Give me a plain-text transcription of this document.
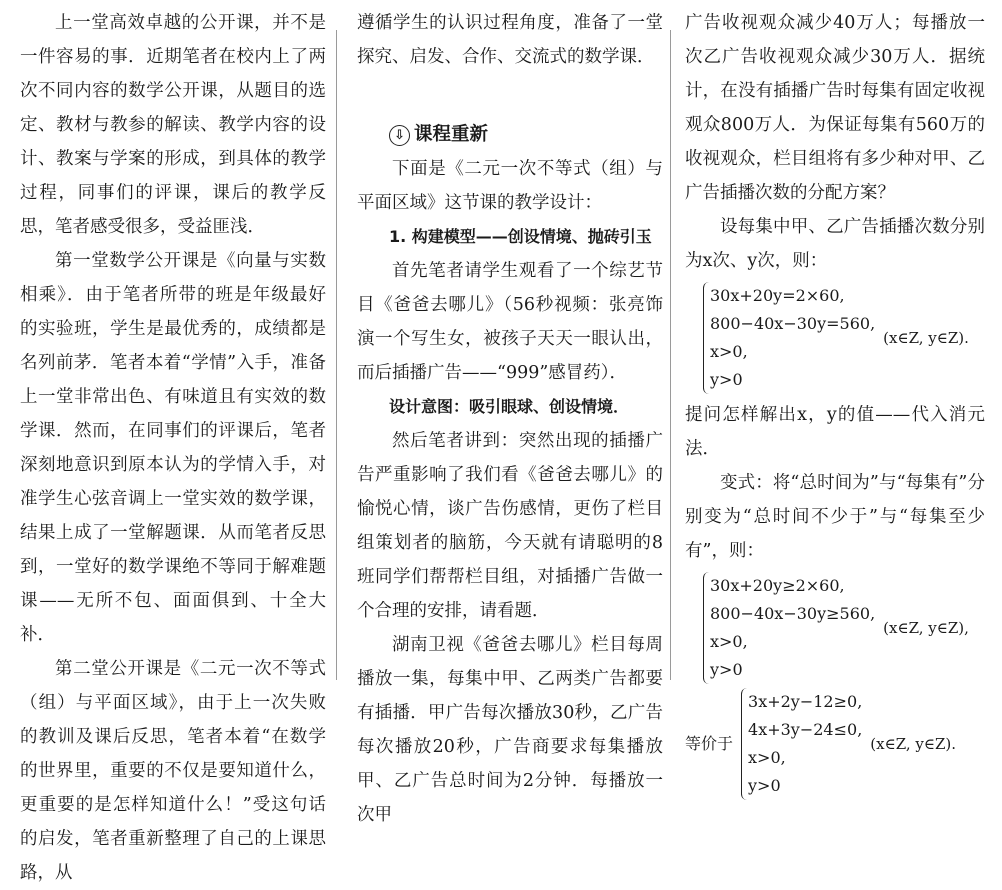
上一堂高效卓越的公开课，并不是一件容易的事．近期笔者在校内上了两次不同内容的数学公开课，从题目的选定、教材与教参的解读、教学内容的设计、教案与学案的形成，到具体的教学过程，同事们的评课，课后的教学反思，笔者感受很多，受益匪浅．

第一堂数学公开课是《向量与实数相乘》．由于笔者所带的班是年级最好的实验班，学生是最优秀的，成绩都是名列前茅．笔者本着“学情”入手，准备上一堂非常出色、有味道且有实效的数学课．然而，在同事们的评课后，笔者深刻地意识到原本认为的学情入手，对准学生心弦音调上一堂实效的数学课，结果上成了一堂解题课．从而笔者反思到，一堂好的数学课绝不等同于解难题课——无所不包、面面俱到、十全大补．

第二堂公开课是《二元一次不等式（组）与平面区域》，由于上一次失败的教训及课后反思，笔者本着“在数学的世界里，重要的不仅是要知道什么，更重要的是怎样知道什么！”受这句话的启发，笔者重新整理了自己的上课思路，从

遵循学生的认识过程角度，准备了一堂探究、启发、合作、交流式的数学课．

⇩ 课程重新

下面是《二元一次不等式（组）与平面区域》这节课的教学设计：

1. 构建模型——创设情境、抛砖引玉

首先笔者请学生观看了一个综艺节目《爸爸去哪儿》（56秒视频：张亮饰演一个写生女，被孩子天天一眼认出，而后插播广告——“999”感冒药）．

设计意图：吸引眼球、创设情境．

然后笔者讲到：突然出现的插播广告严重影响了我们看《爸爸去哪儿》的愉悦心情，谈广告伤感情，更伤了栏目组策划者的脑筋，今天就有请聪明的8班同学们帮帮栏目组，对插播广告做一个合理的安排，请看题．

湖南卫视《爸爸去哪儿》栏目每周播放一集，每集中甲、乙两类广告都要有插播．甲广告每次播放30秒，乙广告每次播放20秒，广告商要求每集播放甲、乙广告总时间为2分钟．每播放一次甲

广告收视观众减少40万人；每播放一次乙广告收视观众减少30万人．据统计，在没有插播广告时每集有固定收视观众800万人．为保证每集有560万的收视观众，栏目组将有多少种对甲、乙广告插播次数的分配方案？

设每集中甲、乙广告插播次数分别为x次、y次，则：

30x+20y=2×60,
800−40x−30y=560,
x>0,
y>0
(x∈Z, y∈Z).

提问怎样解出x，y的值——代入消元法．

变式：将“总时间为”与“每集有”分别变为“总时间不少于”与“每集至少有”，则：

30x+20y≥2×60,
800−40x−30y≥560,
x>0,
y>0
(x∈Z, y∈Z),
等价于
3x+2y−12≥0,
4x+3y−24≤0,
x>0,
y>0
(x∈Z, y∈Z).
